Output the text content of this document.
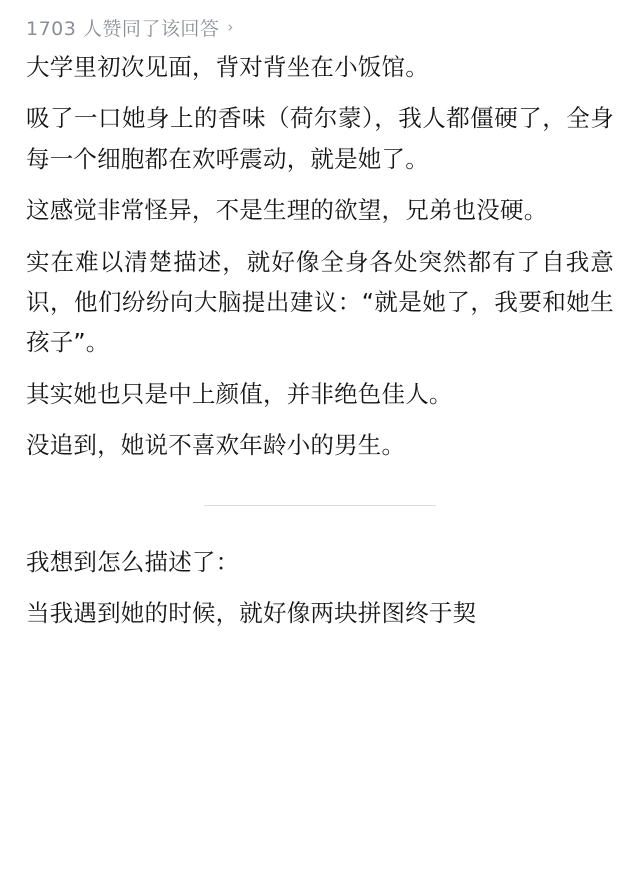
1703 人赞同了该回答 ›

大学里初次见面，背对背坐在小饭馆。

吸了一口她身上的香味（荷尔蒙），我人都僵硬了，全身每一个细胞都在欢呼震动，就是她了。

这感觉非常怪异，不是生理的欲望，兄弟也没硬。

实在难以清楚描述，就好像全身各处突然都有了自我意识，他们纷纷向大脑提出建议：“就是她了，我要和她生孩子”。

其实她也只是中上颜值，并非绝色佳人。

没追到，她说不喜欢年龄小的男生。

我想到怎么描述了：

当我遇到她的时候，就好像两块拼图终于契
